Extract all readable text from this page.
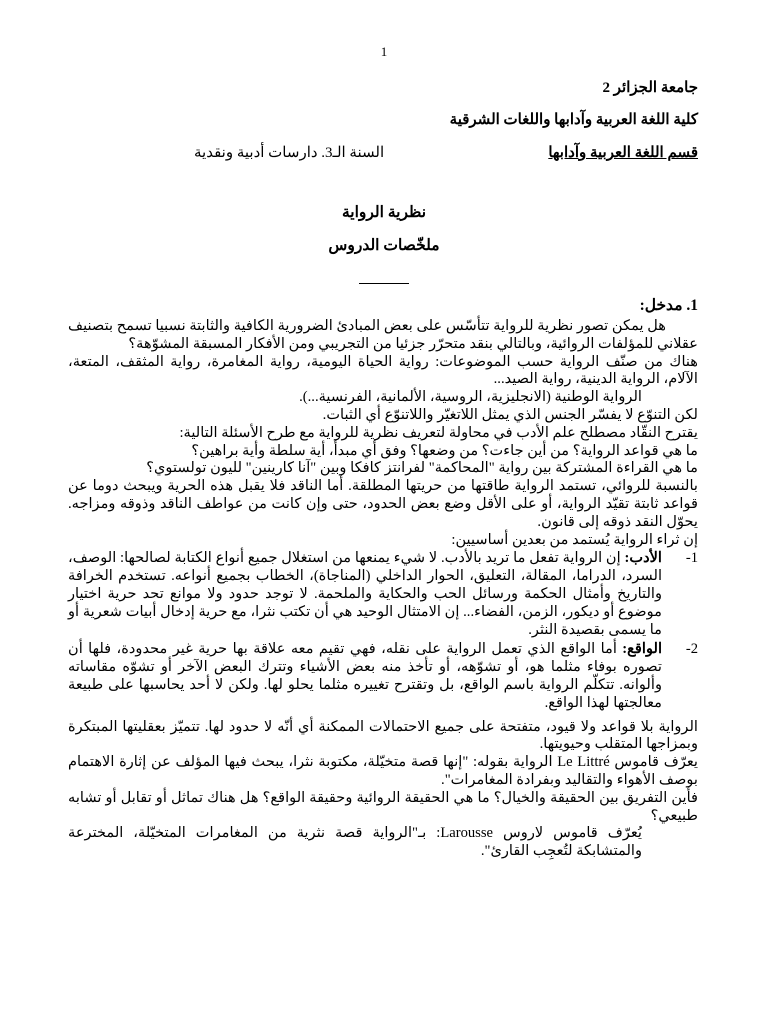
1
جامعة الجزائر 2
كلية اللغة العربية وآدابها واللغات الشرقية
قسم اللغة العربية وآدابها
السنة الـ3. دارسات أدبية ونقدية
نظرية الرواية
ملخّصات الدروس
1. مدخل:

هل يمكن تصور نظرية للرواية تتأسّس على بعض المبادئ الضرورية الكافية والثابتة نسبيا تسمح بتصنيف عقلاني للمؤلفات الروائية، وبالتالي بنقد متحرّر جزئيا من التجريبي ومن الأفكار المسبقة المشوّهة؟

هناك من صنّف الرواية حسب الموضوعات: رواية الحياة اليومية، رواية المغامرة، رواية المثقف، المتعة، الآلام، الرواية الدينية، رواية الصيد...

الرواية الوطنية (الانجليزية، الروسية، الألمانية، الفرنسية...).

لكن التنوّع لا يفسّر الجنس الذي يمثل اللاتغيّر واللاتنوّع أي الثبات.

يقترح النقّاد مصطلح علم الأدب في محاولة لتعريف نظرية للرواية مع طرح الأسئلة التالية:

ما هي قواعد الرواية؟ من أين جاءت؟ من وضعها؟ وفق أي مبدأ، أية سلطة وأية براهين؟

ما هي القراءة المشتركة بين رواية "المحاكمة" لفرانتز كافكا وبين "آنا كارينين" لليون تولستوي؟

بالنسبة للروائي، تستمد الرواية طاقتها من حريتها المطلقة. أما الناقد فلا يقبل هذه الحرية ويبحث دوما عن قواعد ثابتة تقيّد الرواية، أو على الأقل وضع بعض الحدود، حتى وإن كانت من عواطف الناقد وذوقه ومزاجه. يحوّل النقد ذوقه إلى قانون.

إن ثراء الرواية يُستمد من بعدين أساسيين:

1-
الأدب: إن الرواية تفعل ما تريد بالأدب. لا شيء يمنعها من استغلال جميع أنواع الكتابة لصالحها: الوصف، السرد، الدراما، المقالة، التعليق، الحوار الداخلي (المناجاة)، الخطاب بجميع أنواعه. تستخدم الخرافة والتاريخ وأمثال الحكمة ورسائل الحب والحكاية والملحمة. لا توجد حدود ولا موانع تحد حرية اختيار موضوع أو ديكور، الزمن، الفضاء... إن الامتثال الوحيد هي أن تكتب نثرا، مع حرية إدخال أبيات شعرية أو ما يسمى بقصيدة النثر.

2-
الواقع: أما الواقع الذي تعمل الرواية على نقله، فهي تقيم معه علاقة بها حرية غير محدودة، فلها أن تصوره بوفاء مثلما هو، أو تشوّهه، أو تأخذ منه بعض الأشياء وتترك البعض الآخر أو تشوّه مقاساته وألوانه. تتكلّم الرواية باسم الواقع، بل وتقترح تغييره مثلما يحلو لها. ولكن لا أحد يحاسبها على طبيعة معالجتها لهذا الواقع.

الرواية بلا قواعد ولا قيود، متفتحة على جميع الاحتمالات الممكنة أي أنّه لا حدود لها. تتميّز بعقليتها المبتكرة وبمزاجها المتقلب وحيويتها.

يعرّف قاموس Le Littré الرواية بقوله: "إنها قصة متخيّلة، مكتوبة نثرا، يبحث فيها المؤلف عن إثارة الاهتمام بوصف الأهواء والتقاليد وبفرادة المغامرات".

فأين التفريق بين الحقيقة والخيال؟ ما هي الحقيقة الروائية وحقيقة الواقع؟ هل هناك تماثل أو تقابل أو تشابه طبيعي؟

يُعرّف قاموس لاروس Larousse: بـ"الرواية قصة نثرية من المغامرات المتخيّلة، المخترعة والمتشابكة لتُعجِب القارئ".
